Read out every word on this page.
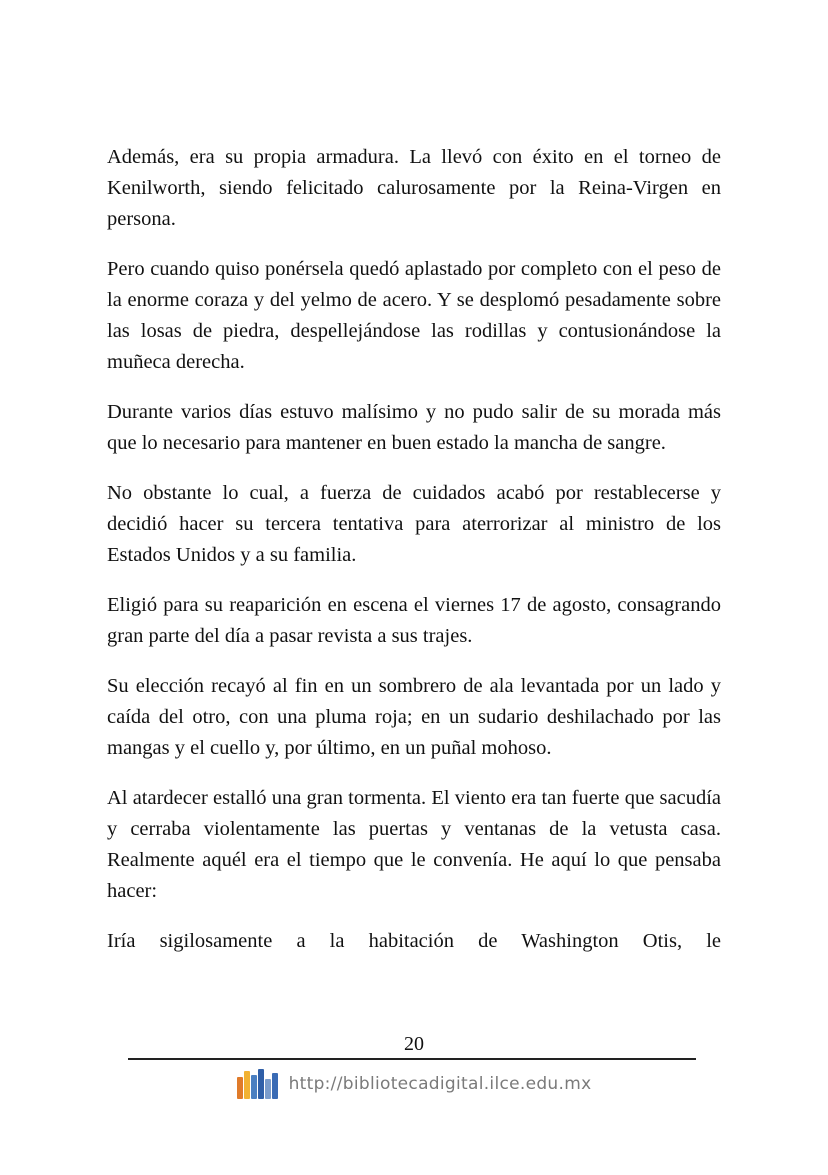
Además, era su propia armadura. La llevó con éxito en el torneo de Kenilworth, siendo felicitado calurosamente por la Reina-Virgen en persona.

Pero cuando quiso ponérsela quedó aplastado por completo con el peso de la enorme coraza y del yelmo de acero. Y se desplomó pesadamente sobre las losas de piedra, despellejándose las rodillas y contusionándose la muñeca derecha.

Durante varios días estuvo malísimo y no pudo salir de su morada más que lo necesario para mantener en buen estado la mancha de sangre.

No obstante lo cual, a fuerza de cuidados acabó por restablecerse y decidió hacer su tercera tentativa para aterrorizar al ministro de los Estados Unidos y a su familia.

Eligió para su reaparición en escena el viernes 17 de agosto, consagrando gran parte del día a pasar revista a sus trajes.

Su elección recayó al fin en un sombrero de ala levantada por un lado y caída del otro, con una pluma roja; en un sudario deshilachado por las mangas y el cuello y, por último, en un puñal mohoso.

Al atardecer estalló una gran tormenta. El viento era tan fuerte que sacudía y cerraba violentamente las puertas y ventanas de la vetusta casa. Realmente aquél era el tiempo que le convenía. He aquí lo que pensaba hacer:

Iría sigilosamente a la habitación de Washington Otis, le

20
http://bibliotecadigital.ilce.edu.mx
